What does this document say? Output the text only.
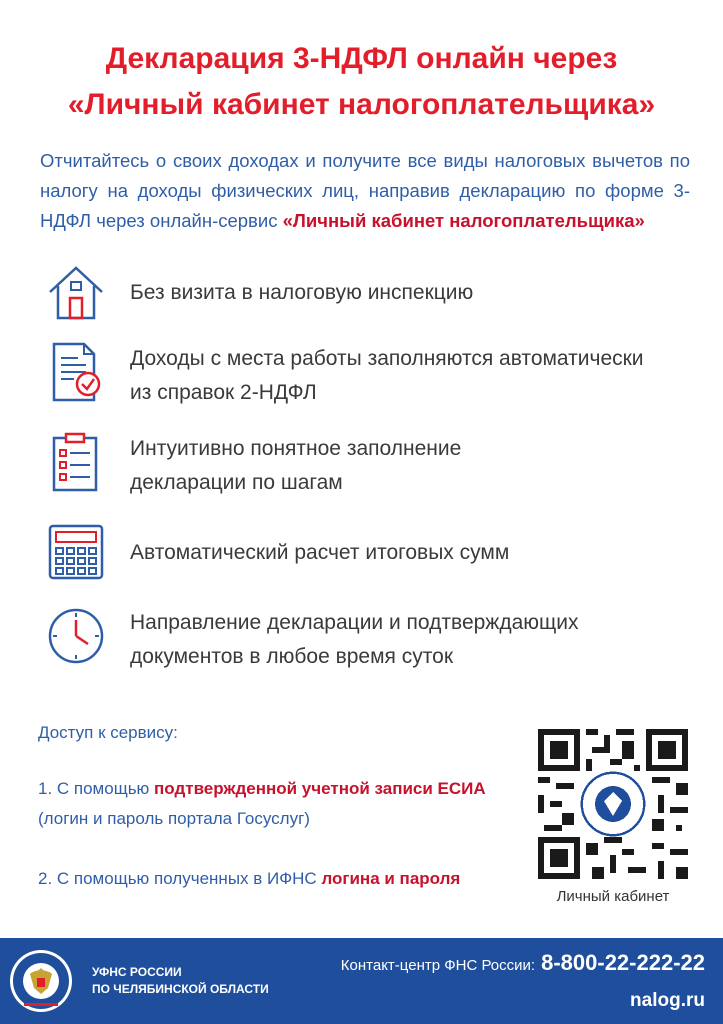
Декларация 3-НДФЛ онлайн через
«Личный кабинет налогоплательщика»
Отчитайтесь о своих доходах и получите все виды налоговых вычетов по налогу на доходы физических лиц, направив декларацию по форме 3-НДФЛ через онлайн-сервис «Личный кабинет налогоплательщика»
Без визита в налоговую инспекцию
Доходы с места работы заполняются автоматически
из справок 2-НДФЛ
Интуитивно понятное заполнение
декларации по шагам
Автоматический расчет итоговых сумм
Направление декларации и подтверждающих
документов в любое время суток
Доступ к сервису:
1. С помощью подтвержденной учетной записи ЕСИА
(логин и пароль портала Госуслуг)
2. С помощью полученных в ИФНС логина и пароля
Личный кабинет
УФНС РОССИИ
ПО ЧЕЛЯБИНСКОЙ ОБЛАСТИ
Контакт-центр ФНС России: 8-800-22-222-22
nalog.ru
